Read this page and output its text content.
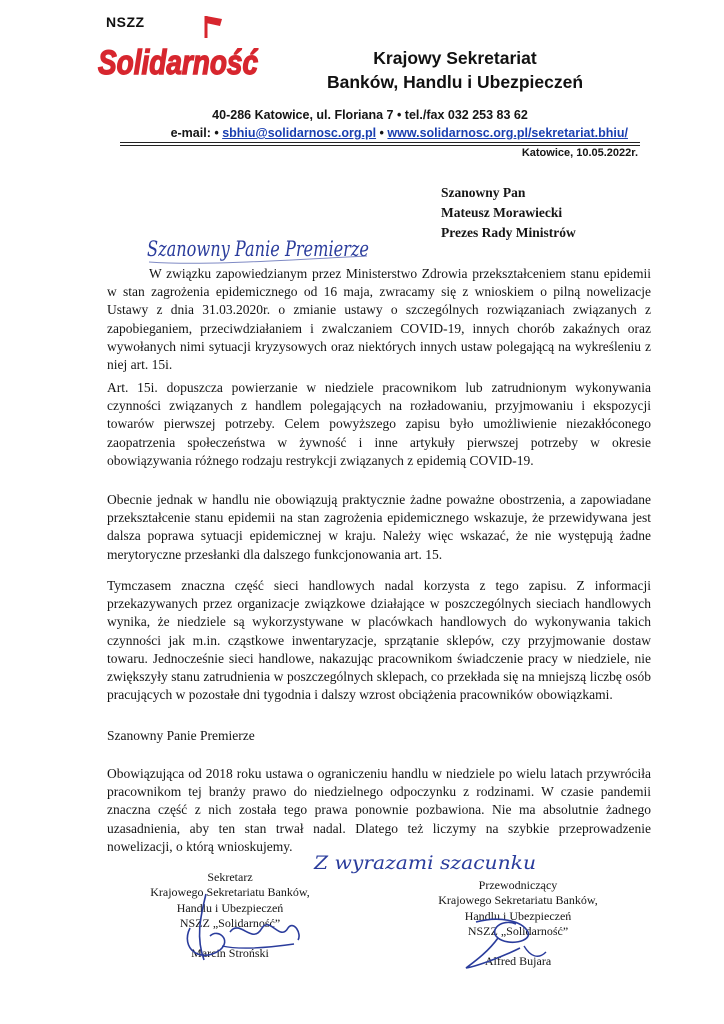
NSZZ
Solidarność	Krajowy Sekretariat
Banków, Handlu i Ubezpieczeń
40-286 Katowice, ul. Floriana 7 • tel./fax 032 253 83 62
e-mail: • sbhiu@solidarnosc.org.pl • www.solidarnosc.org.pl/sekretariat.bhiu/
Katowice, 10.05.2022r.
Szanowny Pan
Mateusz Morawiecki
Prezes Rady Ministrów
Szanowny Panie Premierze
W związku zapowiedzianym przez Ministerstwo Zdrowia przekształceniem stanu epidemii w stan zagrożenia epidemicznego od 16 maja, zwracamy się z wnioskiem o pilną nowelizacje Ustawy z dnia 31.03.2020r. o zmianie ustawy o szczególnych rozwiązaniach związanych z zapobieganiem, przeciwdziałaniem i zwalczaniem COVID-19, innych chorób zakaźnych oraz wywołanych nimi sytuacji kryzysowych oraz niektórych innych ustaw polegającą na wykreśleniu z niej art. 15i.
Art. 15i. dopuszcza powierzanie w niedziele pracownikom lub zatrudnionym wykonywania czynności związanych z handlem polegających na rozładowaniu, przyjmowaniu i ekspozycji towarów pierwszej potrzeby. Celem powyższego zapisu było umożliwienie niezakłóconego zaopatrzenia społeczeństwa w żywność i inne artykuły pierwszej potrzeby w okresie obowiązywania różnego rodzaju restrykcji związanych z epidemią COVID-19.
Obecnie jednak w handlu nie obowiązują praktycznie żadne poważne obostrzenia, a zapowiadane przekształcenie stanu epidemii na stan zagrożenia epidemicznego wskazuje, że przewidywana jest dalsza poprawa sytuacji epidemicznej w kraju. Należy więc wskazać, że nie występują żadne merytoryczne przesłanki dla dalszego funkcjonowania art. 15.
Tymczasem znaczna część sieci handlowych nadal korzysta z tego zapisu. Z informacji przekazywanych przez organizacje związkowe działające w poszczególnych sieciach handlowych wynika, że niedziele są wykorzystywane w placówkach handlowych do wykonywania takich czynności jak m.in. cząstkowe inwentaryzacje, sprzątanie sklepów, czy przyjmowanie dostaw towaru. Jednocześnie sieci handlowe, nakazując pracownikom świadczenie pracy w niedziele, nie zwiększyły stanu zatrudnienia w poszczególnych sklepach, co przekłada się na mniejszą liczbę osób pracujących w pozostałe dni tygodnia i dalszy wzrost obciążenia pracowników obowiązkami.
Szanowny Panie Premierze
Obowiązująca od 2018 roku ustawa o ograniczeniu handlu w niedziele po wielu latach przywróciła pracownikom tej branży prawo do niedzielnego odpoczynku z rodzinami. W czasie pandemii znaczna część z nich została tego prawa ponownie pozbawiona. Nie ma absolutnie żadnego uzasadnienia, aby ten stan trwał nadal. Dlatego też liczymy na szybkie przeprowadzenie nowelizacji, o którą wnioskujemy.
Z wyrazami szacunku
Sekretarz
Krajowego Sekretariatu Banków,
Handlu i Ubezpieczeń
NSZZ „Solidarność”
Marcin Stroński
Przewodniczący
Krajowego Sekretariatu Banków,
Handlu i Ubezpieczeń
NSZZ „Solidarność”
Alfred Bujara
